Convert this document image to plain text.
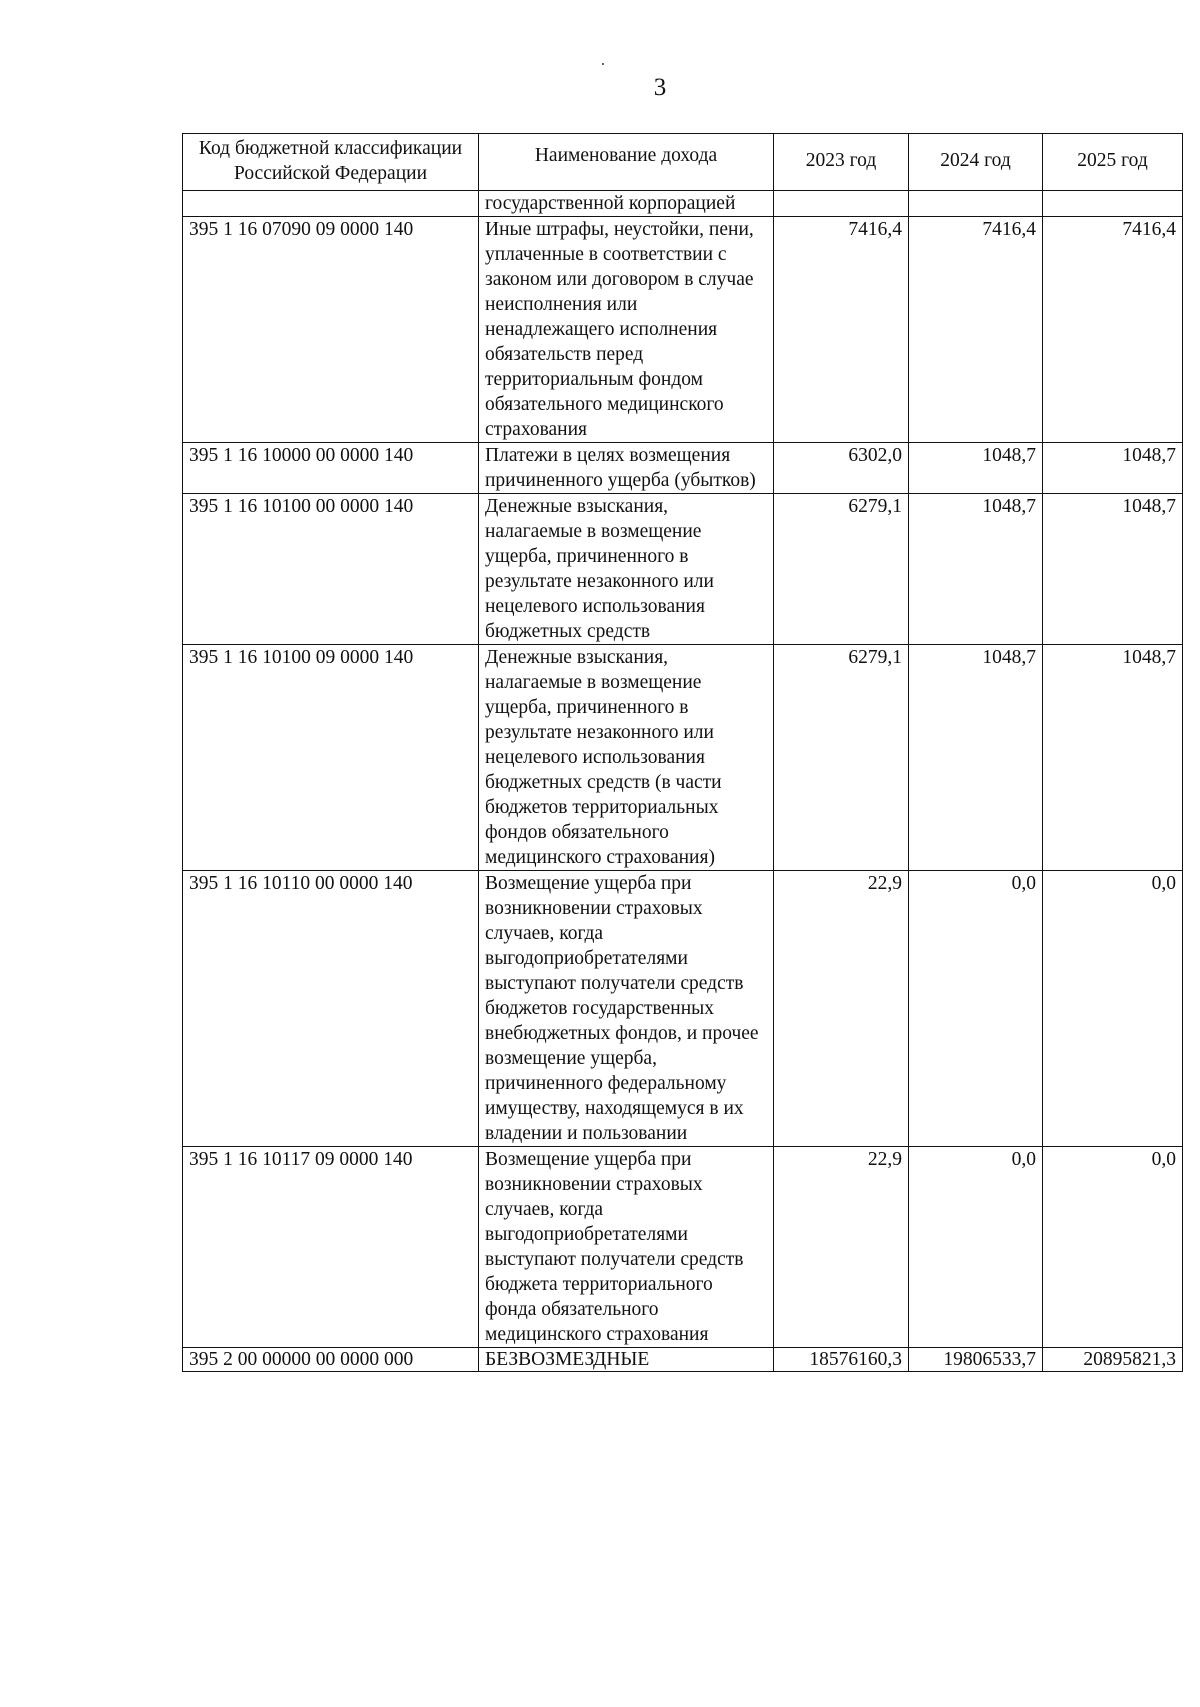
3
Код бюджетной классификации Российской Федерации	Наименование дохода	2023 год	2024 год	2025 год
	государственной корпорацией			
395 1 16 07090 09 0000 140	Иные штрафы, неустойки, пени, уплаченные в соответствии с законом или договором в случае неисполнения или ненадлежащего исполнения обязательств перед территориальным фондом обязательного медицинского страхования	7416,4	7416,4	7416,4
395 1 16 10000 00 0000 140	Платежи в целях возмещения причиненного ущерба (убытков)	6302,0	1048,7	1048,7
395 1 16 10100 00 0000 140	Денежные взыскания, налагаемые в возмещение ущерба, причиненного в результате незаконного или нецелевого использования бюджетных средств	6279,1	1048,7	1048,7
395 1 16 10100 09 0000 140	Денежные взыскания, налагаемые в возмещение ущерба, причиненного в результате незаконного или нецелевого использования бюджетных средств (в части бюджетов территориальных фондов обязательного медицинского страхования)	6279,1	1048,7	1048,7
395 1 16 10110 00 0000 140	Возмещение ущерба при возникновении страховых случаев, когда выгодоприобретателями выступают получатели средств бюджетов государственных внебюджетных фондов, и прочее возмещение ущерба, причиненного федеральному имуществу, находящемуся в их владении и пользовании	22,9	0,0	0,0
395 1 16 10117 09 0000 140	Возмещение ущерба при возникновении страховых случаев, когда выгодоприобретателями выступают получатели средств бюджета территориального фонда обязательного медицинского страхования	22,9	0,0	0,0
395 2 00 00000 00 0000 000	БЕЗВОЗМЕЗДНЫЕ	18576160,3	19806533,7	20895821,3
